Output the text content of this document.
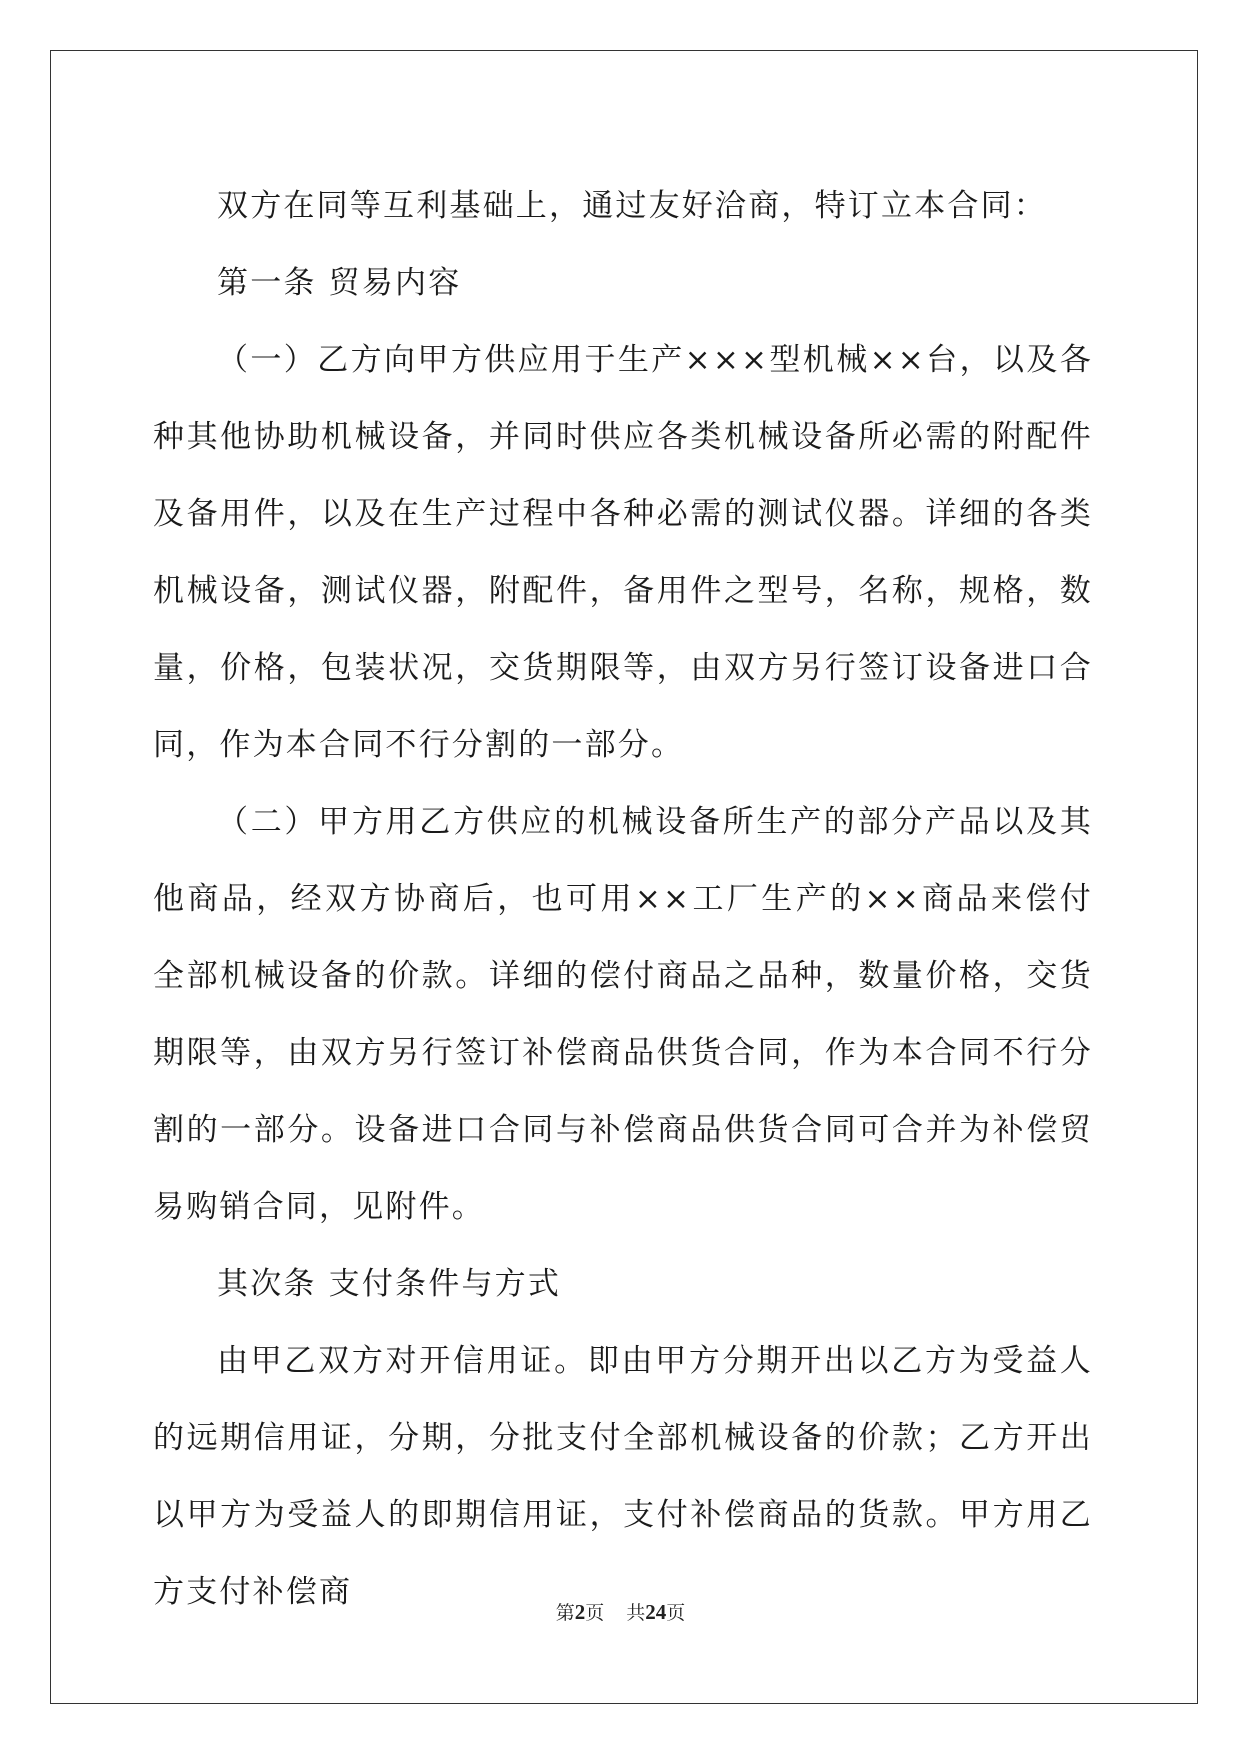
双方在同等互利基础上，通过友好洽商，特订立本合同：

第一条 贸易内容

（一）乙方向甲方供应用于生产×××型机械××台，以及各种其他协助机械设备，并同时供应各类机械设备所必需的附配件及备用件，以及在生产过程中各种必需的测试仪器。详细的各类机械设备，测试仪器，附配件，备用件之型号，名称，规格，数量，价格，包装状况，交货期限等，由双方另行签订设备进口合同，作为本合同不行分割的一部分。

（二）甲方用乙方供应的机械设备所生产的部分产品以及其他商品，经双方协商后，也可用××工厂生产的××商品来偿付全部机械设备的价款。详细的偿付商品之品种，数量价格，交货期限等，由双方另行签订补偿商品供货合同，作为本合同不行分割的一部分。设备进口合同与补偿商品供货合同可合并为补偿贸易购销合同，见附件。

其次条 支付条件与方式

由甲乙双方对开信用证。即由甲方分期开出以乙方为受益人的远期信用证，分期，分批支付全部机械设备的价款；乙方开出以甲方为受益人的即期信用证，支付补偿商品的货款。甲方用乙方支付补偿商

第2页 共24页
